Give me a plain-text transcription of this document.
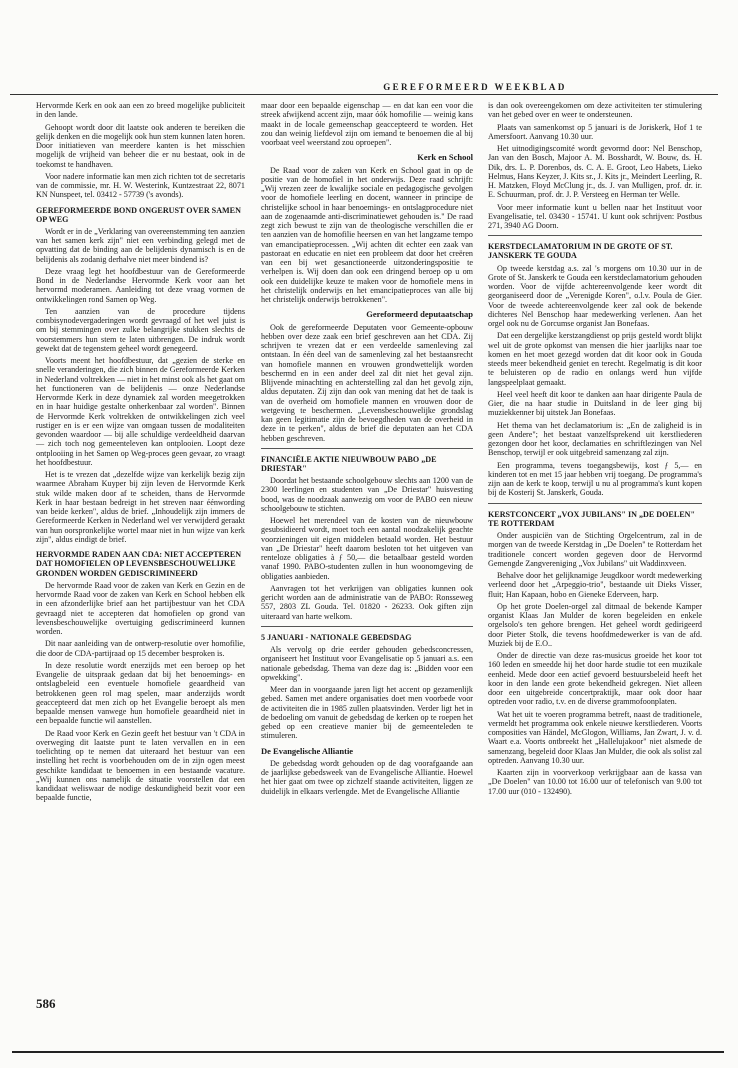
GEREFORMEERD WEEKBLAD

Hervormde Kerk en ook aan een zo breed mogelijke publiciteit in den lande.

Gehoopt wordt door dit laatste ook anderen te bereiken die gelijk denken en die mogelijk ook hun stem kunnen laten horen. Door initiatieven van meerdere kanten is het misschien mogelijk de vrijheid van beheer die er nu bestaat, ook in de toekomst te handhaven.

Voor nadere informatie kan men zich richten tot de secretaris van de commissie, mr. H. W. Westerink, Kuntzestraat 22, 8071 KN Nunspeet, tel. 03412 - 57739 ('s avonds).

GEREFORMEERDE BOND ONGERUST OVER SAMEN OP WEG

Wordt er in de „Verklaring van overeenstemming ten aanzien van het samen kerk zijn" niet een verbinding gelegd met de opvatting dat de binding aan de belijdenis dynamisch is en de belijdenis als zodanig derhalve niet meer bindend is?

Deze vraag legt het hoofdbestuur van de Gereformeerde Bond in de Nederlandse Hervormde Kerk voor aan het hervormd moderamen. Aanleiding tot deze vraag vormen de ontwikkelingen rond Samen op Weg.

Ten aanzien van de procedure tijdens combisynodevergaderingen wordt gevraagd of het wel juist is om bij stemmingen over zulke belangrijke stukken slechts de voorstemmers hun stem te laten uitbrengen. De indruk wordt gewekt dat de tegenstem geheel wordt genegeerd.

Voorts meent het hoofdbestuur, dat „gezien de sterke en snelle veranderingen, die zich binnen de Gereformeerde Kerken in Nederland voltrekken — niet in het minst ook als het gaat om het functioneren van de belijdenis — onze Nederlandse Hervormde Kerk in deze dynamiek zal worden meegetrokken en in haar huidige gestalte onherkenbaar zal worden". Binnen de Hervormde Kerk voltrekken de ontwikkelingen zich veel rustiger en is er een wijze van omgaan tussen de modaliteiten gevonden waardoor — bij alle schuldige verdeeldheid daarvan — zich toch nog gemeenteleven kan ontplooien. Loopt deze ontplooiing in het Samen op Weg-proces geen gevaar, zo vraagt het hoofdbestuur.

Het is te vrezen dat „dezelfde wijze van kerkelijk bezig zijn waarmee Abraham Kuyper bij zijn leven de Hervormde Kerk stuk wilde maken door af te scheiden, thans de Hervormde Kerk in haar bestaan bedreigt in het streven naar éénwording van beide kerken", aldus de brief. „Inhoudelijk zijn immers de Gereformeerde Kerken in Nederland wel ver verwijderd geraakt van hun oorspronkelijke wortel maar niet in hun wijze van kerk zijn", aldus eindigt de brief.

HERVORMDE RADEN AAN CDA: NIET ACCEPTEREN DAT HOMOFIELEN OP LEVENSBESCHOUWELIJKE GRONDEN WORDEN GEDISCRIMINEERD

De hervormde Raad voor de zaken van Kerk en Gezin en de hervormde Raad voor de zaken van Kerk en School hebben elk in een afzonderlijke brief aan het partijbestuur van het CDA gevraagd niet te accepteren dat homofielen op grond van levensbeschouwelijke overtuiging gediscrimineerd kunnen worden.

Dit naar aanleiding van de ontwerp-resolutie over homofilie, die door de CDA-partijraad op 15 december besproken is.

In deze resolutie wordt enerzijds met een beroep op het Evangelie de uitspraak gedaan dat bij het benoemings- en ontslagbeleid een eventuele homofiele geaardheid van betrokkenen geen rol mag spelen, maar anderzijds wordt geaccepteerd dat men zich op het Evangelie beroept als men bepaalde mensen vanwege hun homofiele geaardheid niet in een bepaalde functie wil aanstellen.

De Raad voor Kerk en Gezin geeft het bestuur van 't CDA in overweging dit laatste punt te laten vervallen en in een toelichting op te nemen dat uiteraard het bestuur van een instelling het recht is voorbehouden om de in zijn ogen meest geschikte kandidaat te benoemen in een bestaande vacature. „Wij kunnen ons namelijk de situatie voorstellen dat een kandidaat weliswaar de nodige deskundigheid bezit voor een bepaalde functie,

maar door een bepaalde eigenschap — en dat kan een voor die streek afwijkend accent zijn, maar óók homofilie — weinig kans maakt in de locale gemeenschap geaccepteerd te worden. Het zou dan weinig liefdevol zijn om iemand te benoemen die al bij voorbaat veel weerstand zou oproepen".

Kerk en School

De Raad voor de zaken van Kerk en School gaat in op de positie van de homofiel in het onderwijs. Deze raad schrijft: „Wij vrezen zeer de kwalijke sociale en pedagogische gevolgen voor de homofiele leerling en docent, wanneer in principe de christelijke school in haar benoemings- en ontslagprocedure niet aan de zogenaamde anti-discriminatiewet gehouden is." De raad zegt zich bewust te zijn van de theologische verschillen die er ten aanzien van de homofilie heersen en van het langzame tempo van emancipatieprocessen. „Wij achten dit echter een zaak van pastoraat en educatie en niet een probleem dat door het creëren van een bij wet gesanctioneerde uitzonderingspositie te verhelpen is. Wij doen dan ook een dringend beroep op u om ook een duidelijke keuze te maken voor de homofiele mens in het christelijk onderwijs en het emancipatieproces van alle bij het christelijk onderwijs betrokkenen".

Gereformeerd deputaatschap

Ook de gereformeerde Deputaten voor Gemeente-opbouw hebben over deze zaak een brief geschreven aan het CDA. Zij schrijven te vrezen dat er een verdeelde samenleving zal ontstaan. In één deel van de samenleving zal het bestaansrecht van homofiele mannen en vrouwen grondwettelijk worden beschermd en in een ander deel zal dit niet het geval zijn. Blijvende minachting en achterstelling zal dan het gevolg zijn, aldus deputaten. Zij zijn dan ook van mening dat het de taak is van de overheid om homofiele mannen en vrouwen door de wetgeving te beschermen. „Levensbeschouwelijke grondslag kan geen legitimatie zijn de bevoegdheden van de overheid in deze in te perken", aldus de brief die deputaten aan het CDA hebben geschreven.

FINANCIËLE AKTIE NIEUWBOUW PABO „DE DRIESTAR"

Doordat het bestaande schoolgebouw slechts aan 1200 van de 2300 leerlingen en studenten van „De Driestar" huisvesting bood, was de noodzaak aanwezig om voor de PABO een nieuw schoolgebouw te stichten.

Hoewel het merendeel van de kosten van de nieuwbouw gesubsidieerd wordt, moet toch een aantal noodzakelijk geachte voorzieningen uit eigen middelen betaald worden. Het bestuur van „De Driestar" heeft daarom besloten tot het uitgeven van renteloze obligaties à ƒ 50,— die betaalbaar gesteld worden vanaf 1990. PABO-studenten zullen in hun woonomgeving de obligaties aanbieden.

Aanvragen tot het verkrijgen van obligaties kunnen ook gericht worden aan de administratie van de PABO: Ronsseweg 557, 2803 ZL Gouda. Tel. 01820 - 26233. Ook giften zijn uiteraard van harte welkom.

5 JANUARI - NATIONALE GEBEDSDAG

Als vervolg op drie eerder gehouden gebedsconcressen, organiseert het Instituut voor Evangelisatie op 5 januari a.s. een nationale gebedsdag. Thema van deze dag is: „Bidden voor een opwekking".

Meer dan in voorgaande jaren ligt het accent op gezamenlijk gebed. Samen met andere organisaties doet men voorbede voor de activiteiten die in 1985 zullen plaatsvinden. Verder ligt het in de bedoeling om vanuit de gebedsdag de kerken op te roepen het gebed op een creatieve manier bij de gemeenteleden te stimuleren.

De Evangelische Alliantie

De gebedsdag wordt gehouden op de dag voorafgaande aan de jaarlijkse gebedsweek van de Evangelische Alliantie. Hoewel het hier gaat om twee op zichzelf staande activiteiten, liggen ze duidelijk in elkaars verlengde. Met de Evangelische Alliantie

is dan ook overeengekomen om deze activiteiten ter stimulering van het gebed over en weer te ondersteunen.

Plaats van samenkomst op 5 januari is de Joriskerk, Hof 1 te Amersfoort. Aanvang 10.30 uur.

Het uitnodigingscomité wordt gevormd door: Nel Benschop, Jan van den Bosch, Majoor A. M. Bosshardt, W. Bouw, ds. H. Dik, drs. L. P. Dorenbos, ds. C. A. E. Groot, Leo Habets, Lieko Helmus, Hans Keyzer, J. Kits sr., J. Kits jr., Meindert Leerling, R. H. Matzken, Floyd McClung jr., ds. J. van Mulligen, prof. dr. ir. E. Schuurman, prof. dr. J. P. Versteeg en Herman ter Welle.

Voor meer informatie kunt u bellen naar het Instituut voor Evangelisatie, tel. 03430 - 15741. U kunt ook schrijven: Postbus 271, 3940 AG Doorn.

KERSTDECLAMATORIUM IN DE GROTE OF ST. JANSKERK TE GOUDA

Op tweede kerstdag a.s. zal 's morgens om 10.30 uur in de Grote of St. Janskerk te Gouda een kerstdeclamatorium gehouden worden. Voor de vijfde achtereenvolgende keer wordt dit georganiseerd door de „Verenigde Koren", o.l.v. Poula de Gier. Voor de tweede achtereenvolgende keer zal ook de bekende dichteres Nel Benschop haar medewerking verlenen. Aan het orgel ook nu de Gorcumse organist Jan Bonefaas.

Dat een dergelijke kerstzangdienst op prijs gesteld wordt blijkt wel uit de grote opkomst van mensen die hier jaarlijks naar toe komen en het moet gezegd worden dat dit koor ook in Gouda steeds meer bekendheid geniet en terecht. Regelmatig is dit koor te beluisteren op de radio en onlangs werd hun vijfde langspeelplaat gemaakt.

Heel veel heeft dit koor te danken aan haar dirigente Paula de Gier, die na haar studie in Duitsland in de leer ging bij muziekkenner bij uitstek Jan Bonefaas.

Het thema van het declamatorium is: „En de zaligheid is in geen Andere"; het bestaat vanzelfsprekend uit kerstliederen gezongen door het koor, declamaties en schriftlezingen van Nel Benschop, terwijl er ook uitgebreid samenzang zal zijn.

Een programma, tevens toegangsbewijs, kost ƒ 5,— en kinderen tot en met 15 jaar hebben vrij toegang. De programma's zijn aan de kerk te koop, terwijl u nu al programma's kunt kopen bij de Kosterij St. Janskerk, Gouda.

KERSTCONCERT „VOX JUBILANS" IN „DE DOELEN" TE ROTTERDAM

Onder auspiciën van de Stichting Orgelcentrum, zal in de morgen van de tweede Kerstdag in „De Doelen" te Rotterdam het traditionele concert worden gegeven door de Hervormd Gemengde Zangvereniging „Vox Jubilans" uit Waddinxveen.

Behalve door het gelijknamige Jeugdkoor wordt medewerking verleend door het „Arpeggio-trio", bestaande uit Dieks Visser, fluit; Han Kapaan, hobo en Gieneke Ederveen, harp.

Op het grote Doelen-orgel zal ditmaal de bekende Kamper organist Klaas Jan Mulder de koren begeleiden en enkele orgelsolo's ten gehore brengen. Het geheel wordt gedirigeerd door Pieter Stolk, die tevens hoofdmedewerker is van de afd. Muziek bij de E.O..

Onder de directie van deze ras-musicus groeide het koor tot 160 leden en smeedde hij het door harde studie tot een muzikale eenheid. Mede door een actief gevoerd bestuursbeleid heeft het koor in den lande een grote bekendheid gekregen. Niet alleen door een uitgebreide concertpraktijk, maar ook door haar optreden voor radio, t.v. en de diverse grammofoonplaten.

Wat het uit te voeren programma betreft, naast de traditionele, vermeldt het programma ook enkele nieuwe kerstliederen. Voorts composities van Händel, McGlogon, Williams, Jan Zwart, J. v. d. Waart e.a. Voorts ontbreekt het „Hallelujakoor" niet alsmede de samenzang, begeleid door Klaas Jan Mulder, die ook als solist zal optreden. Aanvang 10.30 uur.

Kaarten zijn in voorverkoop verkrijgbaar aan de kassa van „De Doelen" van 10.00 tot 16.00 uur of telefonisch van 9.00 tot 17.00 uur (010 - 132490).

586
